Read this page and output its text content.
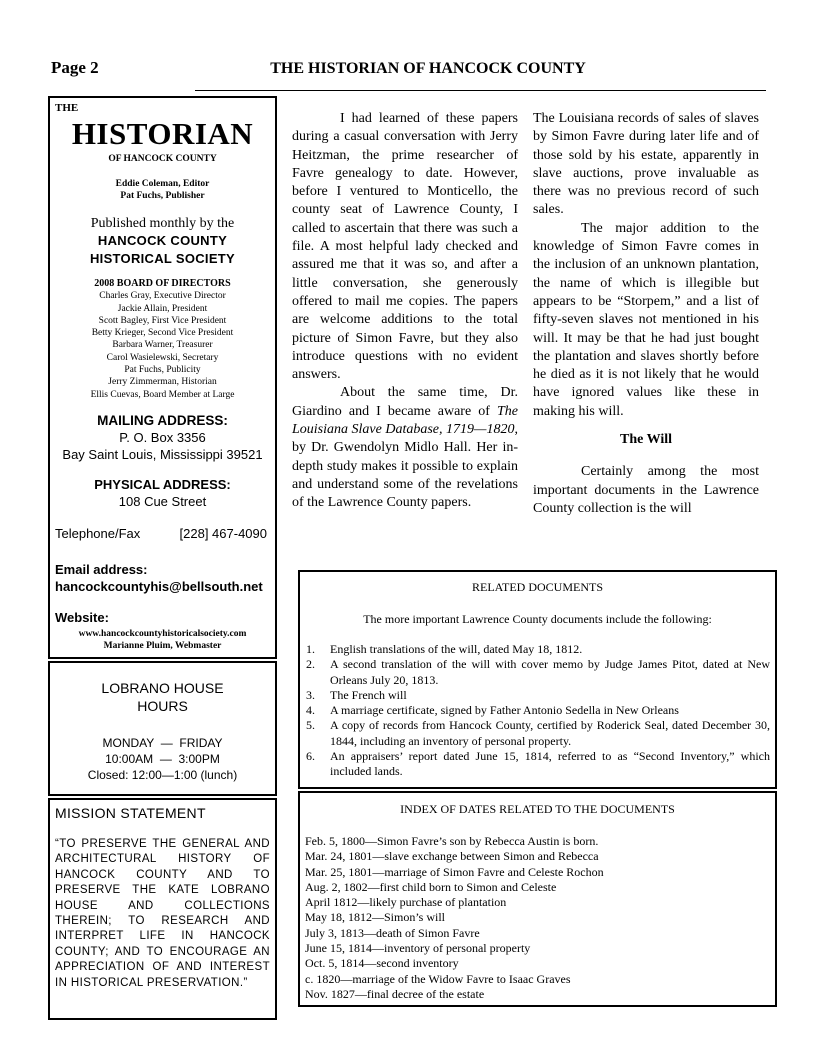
Page 2	THE HISTORIAN OF HANCOCK COUNTY
THE
HISTORIAN
OF HANCOCK COUNTY
Eddie Coleman, Editor
Pat Fuchs, Publisher
Published monthly by the
HANCOCK COUNTY
HISTORICAL SOCIETY
2008 BOARD OF DIRECTORS
Charles Gray, Executive Director
Jackie Allain, President
Scott Bagley, First Vice President
Betty Krieger, Second Vice President
Barbara Warner, Treasurer
Carol Wasielewski, Secretary
Pat Fuchs, Publicity
Jerry Zimmerman, Historian
Ellis Cuevas, Board Member at Large
MAILING ADDRESS:
P. O. Box 3356
Bay Saint Louis, Mississippi 39521
PHYSICAL ADDRESS:
108 Cue Street
Telephone/Fax	[228] 467-4090
Email address:
hancockcountyhis@bellsouth.net
Website:
www.hancockcountyhistoricalsociety.com
Marianne Pluim, Webmaster
LOBRANO HOUSE
HOURS
MONDAY  —  FRIDAY
10:00AM  —  3:00PM
Closed: 12:00—1:00 (lunch)
MISSION STATEMENT
“TO PRESERVE THE GENERAL AND ARCHITECTURAL HISTORY OF HANCOCK COUNTY AND TO PRESERVE THE KATE LOBRANO HOUSE AND COLLECTIONS THEREIN; TO RESEARCH AND INTERPRET LIFE IN HANCOCK COUNTY; AND TO ENCOURAGE AN APPRECIATION OF AND INTEREST IN HISTORICAL PRESERVATION.”

I had learned of these papers during a casual conversation with Jerry Heitzman, the prime researcher of Favre genealogy to date. However, before I ventured to Monticello, the county seat of Lawrence County, I called to ascertain that there was such a file. A most helpful lady checked and assured me that it was so, and after a little conversation, she generously offered to mail me copies. The papers are welcome additions to the total picture of Simon Favre, but they also introduce questions with no evident answers.

About the same time, Dr. Giardino and I became aware of The Louisiana Slave Database, 1719—1820, by Dr. Gwendolyn Midlo Hall. Her in-depth study makes it possible to explain and understand some of the revelations of the Lawrence County papers.

The Louisiana records of sales of slaves by Simon Favre during later life and of those sold by his estate, apparently in slave auctions, prove invaluable as there was no previous record of such sales.

The major addition to the knowledge of Simon Favre comes in the inclusion of an unknown plantation, the name of which is illegible but appears to be “Storpem,” and a list of fifty-seven slaves not mentioned in his will. It may be that he had just bought the plantation and slaves shortly before he died as it is not likely that he would have ignored values like these in making his will.

The Will

Certainly among the most important documents in the Lawrence County collection is the will

RELATED DOCUMENTS
The more important Lawrence County documents include the following:
1.	English translations of the will, dated May 18, 1812.
2.	A second translation of the will with cover memo by Judge James Pitot, dated at New Orleans July 20, 1813.
3.	The French will
4.	A marriage certificate, signed by Father Antonio Sedella in New Orleans
5.	A copy of records from Hancock County, certified by Roderick Seal, dated December 30, 1844, including an inventory of personal property.
6.	An appraisers’ report dated June 15, 1814, referred to as “Second Inventory,” which included lands.
INDEX OF DATES RELATED TO THE DOCUMENTS
Feb. 5, 1800—Simon Favre’s son by Rebecca Austin is born.
Mar. 24, 1801—slave exchange between Simon and Rebecca
Mar. 25, 1801—marriage of Simon Favre and Celeste Rochon
Aug. 2, 1802—first child born to Simon and Celeste
April 1812—likely purchase of plantation
May 18, 1812—Simon’s will
July 3, 1813—death of Simon Favre
June 15, 1814—inventory of personal property
Oct. 5, 1814—second inventory
c. 1820—marriage of the Widow Favre to Isaac Graves
Nov. 1827—final decree of the estate
